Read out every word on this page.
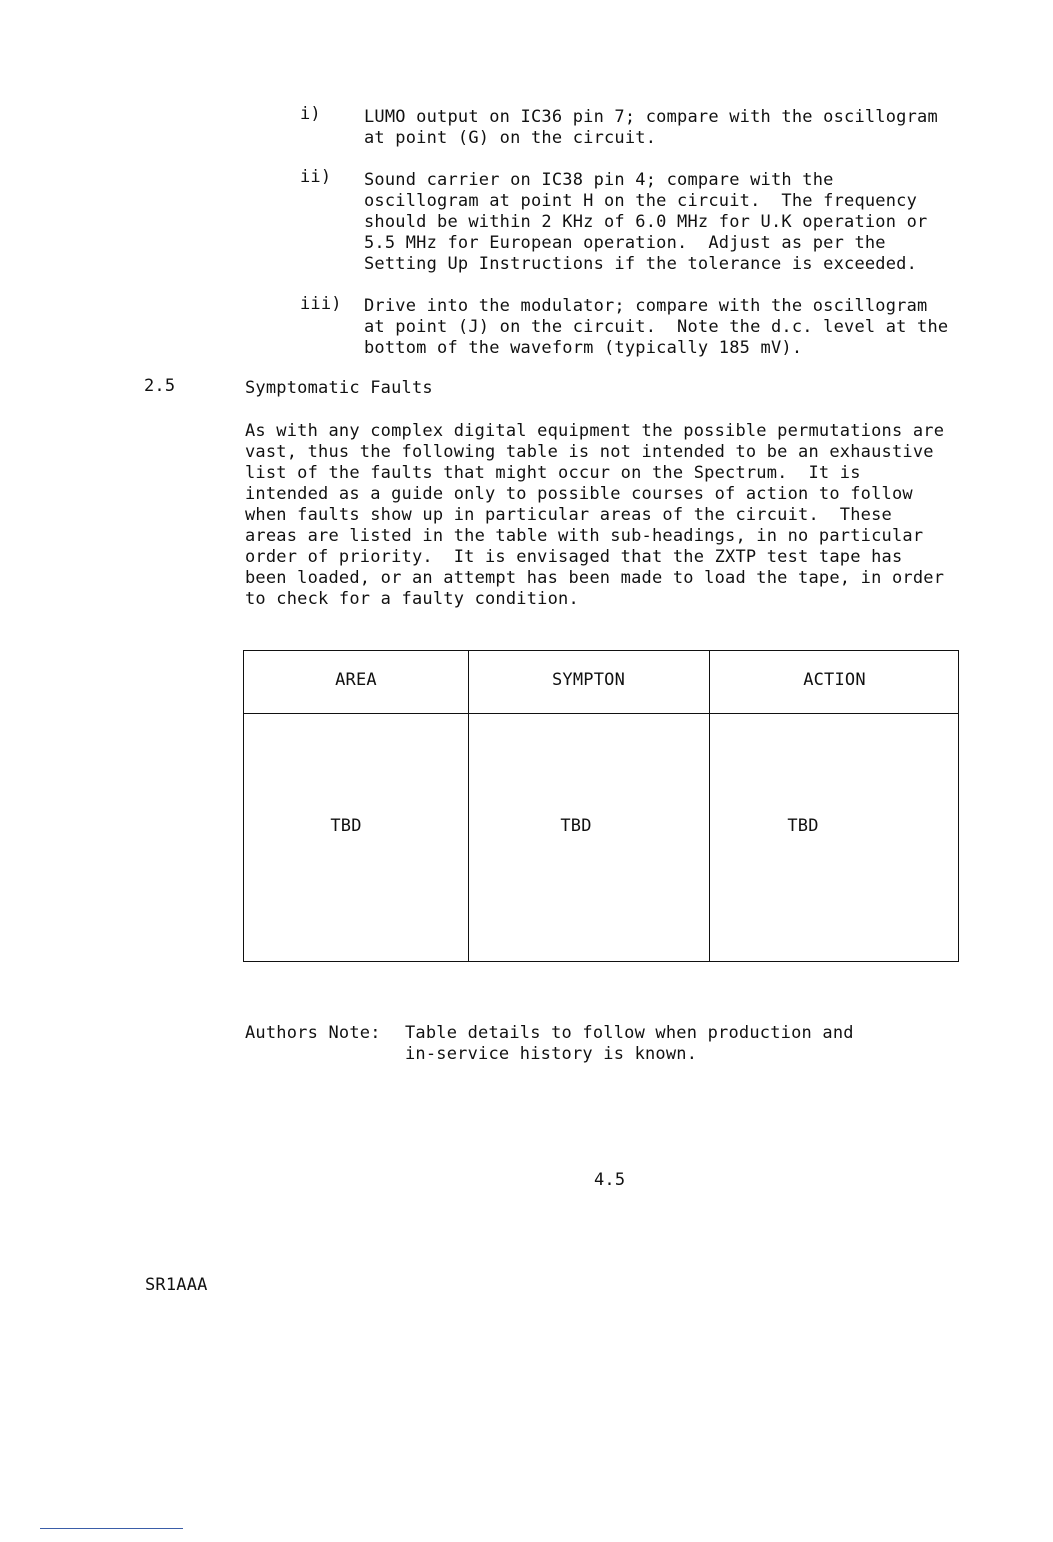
i)	LUMO output on IC36 pin 7; compare with the oscillogram
at point (G) on the circuit.
ii)	Sound carrier on IC38 pin 4; compare with the
oscillogram at point H on the circuit.  The frequency
should be within 2 KHz of 6.0 MHz for U.K operation or
5.5 MHz for European operation.  Adjust as per the
Setting Up Instructions if the tolerance is exceeded.
iii)	Drive into the modulator; compare with the oscillogram
at point (J) on the circuit.  Note the d.c. level at the
bottom of the waveform (typically 185 mV).
2.5	Symptomatic Faults
As with any complex digital equipment the possible permutations are
vast, thus the following table is not intended to be an exhaustive
list of the faults that might occur on the Spectrum.  It is
intended as a guide only to possible courses of action to follow
when faults show up in particular areas of the circuit.  These
areas are listed in the table with sub-headings, in no particular
order of priority.  It is envisaged that the ZXTP test tape has
been loaded, or an attempt has been made to load the tape, in order
to check for a faulty condition.
AREA	SYMPTON	ACTION
TBD	TBD	TBD
Authors Note: Table details to follow when production and
in-service history is known.
4.5
SR1AAA
